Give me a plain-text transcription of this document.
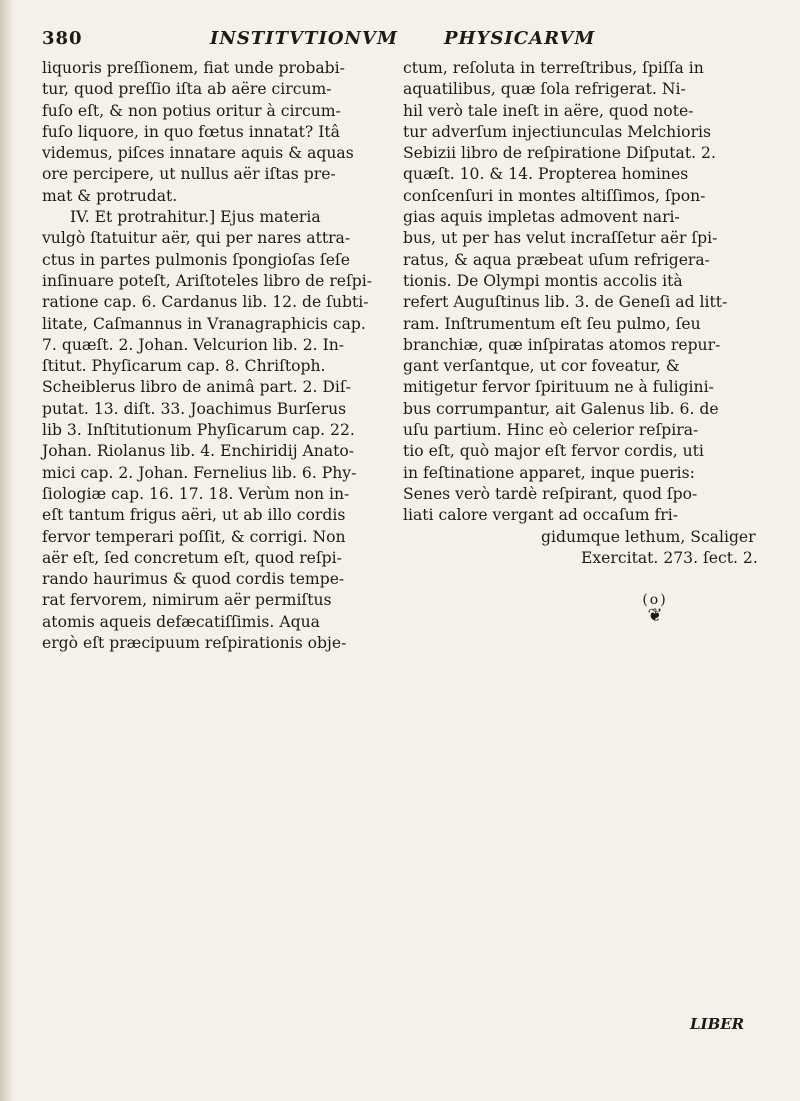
380	INSTITVTIONVM	PHYSICARVM
liquoris preſſionem, fiat unde probabi-
tur, quod preſſio iſta ab aëre circum-
fuſo eſt, & non potius oritur à circum-
fuſo liquore, in quo fœtus innatat? Itâ
videmus, piſces innatare aquis & aquas
ore percipere, ut nullus aër iſtas pre-
mat & protrudat.
IV. Et protrahitur.] Ejus materia
vulgò ſtatuitur aër, qui per nares attra-
ctus in partes pulmonis ſpongioſas ſeſe
inſinuare poteſt, Ariſtoteles libro de reſpi-
ratione cap. 6. Cardanus lib. 12. de ſubti-
litate, Caſmannus in Vranagraphicis cap.
7. quæſt. 2. Johan. Velcurion lib. 2. In-
ſtitut. Phyſicarum cap. 8. Chriſtoph.
Scheiblerus libro de animâ part. 2. Diſ-
putat. 13. diſt. 33. Joachimus Burſerus
lib 3. Inſtitutionum Phyſicarum cap. 22.
Johan. Riolanus lib. 4. Enchiridij Anato-
mici cap. 2. Johan. Fernelius lib. 6. Phy-
ſiologiæ cap. 16. 17. 18. Verùm non in-
eſt tantum frigus aëri, ut ab illo cordis
fervor temperari poſſit, & corrigi. Non
aër eſt, ſed concretum eſt, quod reſpi-
rando haurimus & quod cordis tempe-
rat fervorem, nimirum aër permiſtus
atomis aqueis defæcatiſſimis. Aqua
ergò eſt præcipuum reſpirationis obje-
ctum, reſoluta in terreſtribus, ſpiſſa in
aquatilibus, quæ ſola refrigerat. Ni-
hil verò tale ineſt in aëre, quod note-
tur adverſum injectiunculas Melchioris
Sebizii libro de reſpiratione Diſputat. 2.
quæſt. 10. & 14. Propterea homines
conſcenſuri in montes altiſſimos, ſpon-
gias aquis impletas admovent nari-
bus, ut per has velut incraſſetur aër ſpi-
ratus, & aqua præbeat uſum refrigera-
tionis. De Olympi montis accolis ità
refert Auguſtinus lib. 3. de Geneſi ad litt-
ram. Inſtrumentum eſt ſeu pulmo, ſeu
branchiæ, quæ inſpiratas atomos repur-
gant verſantque, ut cor foveatur, &
mitigetur fervor ſpirituum ne à fuligini-
bus corrumpantur, ait Galenus lib. 6. de
uſu partium. Hinc eò celerior reſpira-
tio eſt, quò major eſt fervor cordis, uti
in feſtinatione apparet, inque pueris:
Senes verò tardè reſpirant, quod ſpo-
liati calore vergant ad occaſum fri-
gidumque lethum, Scaliger
Exercitat. 273. ſect. 2.
(o)
❦
LIBER
